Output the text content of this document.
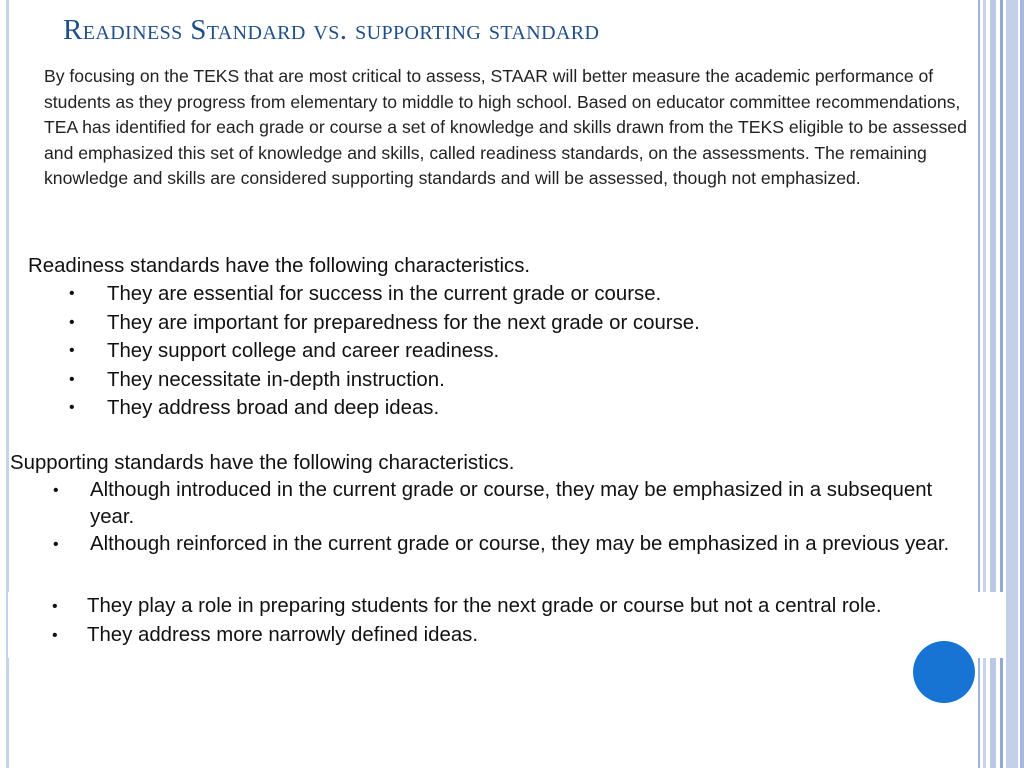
Readiness Standard vs. supporting standard

By focusing on the TEKS that are most critical to assess, STAAR will better measure the academic performance of students as they progress from elementary to middle to high school. Based on educator committee recommendations, TEA has identified for each grade or course a set of knowledge and skills drawn from the TEKS eligible to be assessed and emphasized this set of knowledge and skills, called readiness standards, on the assessments. The remaining knowledge and skills are considered supporting standards and will be assessed, though not emphasized.

Readiness standards have the following characteristics.

• They are essential for success in the current grade or course.
• They are important for preparedness for the next grade or course.
• They support college and career readiness.
• They necessitate in-depth instruction.
• They address broad and deep ideas.

Supporting standards have the following characteristics.

• Although introduced in the current grade or course, they may be emphasized in a subsequent year.
• Although reinforced in the current grade or course, they may be emphasized in a previous year.
• They play a role in preparing students for the next grade or course but not a central role.
• They address more narrowly defined ideas.
